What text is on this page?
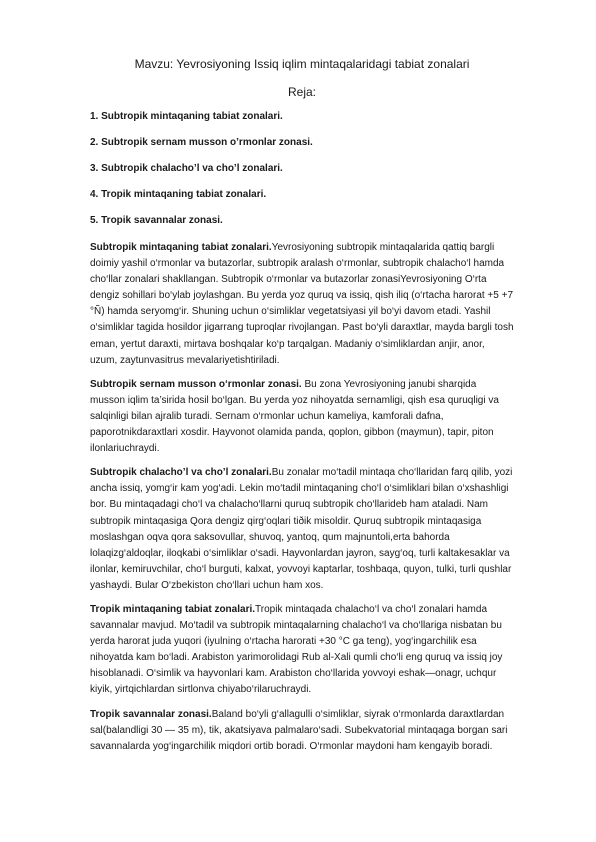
Mavzu: Yevrosiyoning Issiq iqlim mintaqalaridagi tabiat zonalari
Reja:
1. Subtropik mintaqaning tabiat zonalari.
2. Subtropik sernam musson o’rmonlar zonasi.
3. Subtropik chalacho’l va cho’l zonalari.
4. Tropik mintaqaning tabiat zonalari.
5. Tropik savannalar zonasi.

Subtropik mintaqaning tabiat zonalari.Yevrosiyoning subtropik mintaqalarida qattiq bargli doimiy yashil o‘rmonlar va butazorlar, subtropik aralash o‘rmonlar, subtropik chalacho‘l hamda cho‘llar zonalari shakllangan. Subtropik o‘rmonlar va butazorlar zonasiYevrosiyoning O‘rta dengiz sohillari bo‘ylab joylashgan. Bu yerda yoz quruq va issiq, qish iliq (o‘rtacha harorat +5 +7 °Ñ) hamda seryomg‘ir. Shuning uchun o‘simliklar vegetatsiyasi yil bo‘yi davom etadi. Yashil o‘simliklar tagida hosildor jigarrang tuproqlar rivojlangan. Past bo‘yli daraxtlar, mayda bargli tosh eman, yertut daraxti, mirtava boshqalar ko‘p tarqalgan. Madaniy o‘simliklardan anjir, anor, uzum, zaytunvasitrus mevalariyetishtiriladi.

Subtropik sernam musson o‘rmonlar zonasi. Bu zona Yevrosiyoning janubi sharqida musson iqlim ta’sirida hosil bo‘lgan. Bu yerda yoz nihoyatda sernamligi, qish esa quruqligi va salqinligi bilan ajralib turadi. Sernam o‘rmonlar uchun kameliya, kamforali dafna, paporotnikdaraxtlari xosdir. Hayvonot olamida panda, qoplon, gibbon (maymun), tapir, piton ilonlariuchraydi.

Subtropik chalacho’l va cho’l zonalari.Bu zonalar mo‘tadil mintaqa cho‘llaridan farq qilib, yozi ancha issiq, yomg‘ir kam yog‘adi. Lekin mo‘tadil mintaqaning cho‘l o‘simliklari bilan o‘xshashligi bor. Bu mintaqadagi cho‘l va chalacho‘llarni quruq subtropik cho‘llarideb ham ataladi. Nam subtropik mintaqasiga Qora dengiz qirg‘oqlari tiðik misoldir. Quruq subtropik mintaqasiga moslashgan oqva qora saksovullar, shuvoq, yantoq, qum majnuntoli,erta bahorda lolaqizg‘aldoqlar, iloqkabi o‘simliklar o‘sadi. Hayvonlardan jayron, sayg‘oq, turli kaltakesaklar va ilonlar, kemiruvchilar, cho‘l burguti, kalxat, yovvoyi kaptarlar, toshbaqa, quyon, tulki, turli qushlar yashaydi. Bular O‘zbekiston cho‘llari uchun ham xos.

Tropik mintaqaning tabiat zonalari.Tropik mintaqada chalacho‘l va cho‘l zonalari hamda savannalar mavjud. Mo‘tadil va subtropik mintaqalarning chalacho‘l va cho‘llariga nisbatan bu yerda harorat juda yuqori (iyulning o‘rtacha harorati +30 °C ga teng), yog‘ingarchilik esa nihoyatda kam bo‘ladi. Arabiston yarimorolidagi Rub al-Xali qumli cho‘li eng quruq va issiq joy hisoblanadi. O‘simlik va hayvonlari kam. Arabiston cho‘llarida yovvoyi eshak—onagr, uchqur kiyik, yirtqichlardan sirtlonva chiyabo‘rilaruchraydi.

Tropik savannalar zonasi.Baland bo‘yli g‘allagulli o‘simliklar, siyrak o‘rmonlarda daraxtlardan sal(balandligi 30 — 35 m), tik, akatsiyava palmalaro‘sadi. Subekvatorial mintaqaga borgan sari savannalarda yog‘ingarchilik miqdori ortib boradi. O‘rmonlar maydoni ham kengayib boradi.
